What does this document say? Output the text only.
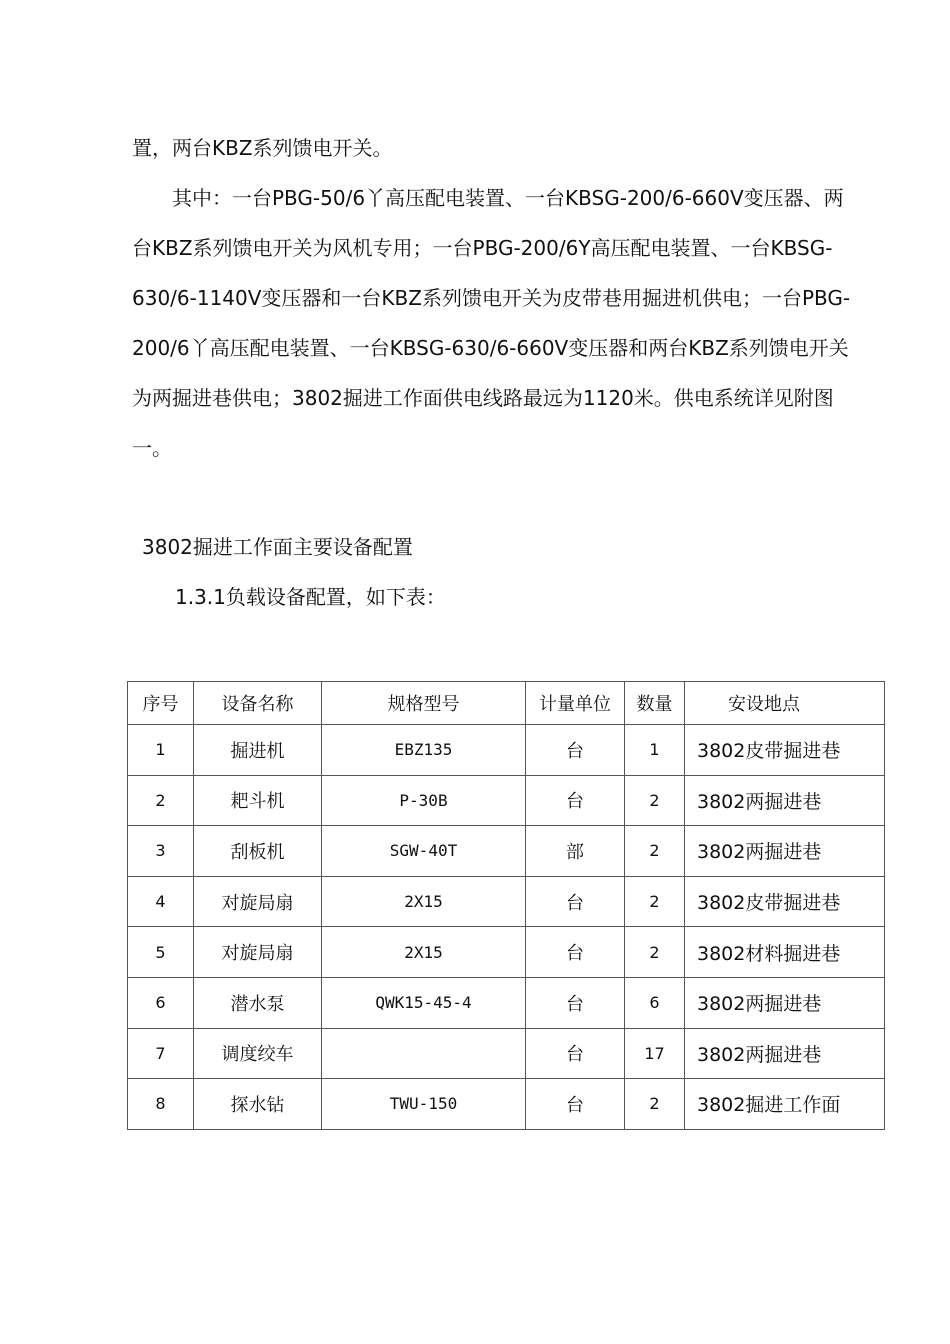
置，两台KBZ系列馈电开关。

　　其中：一台PBG-50/6丫高压配电装置、一台KBSG-200/6-660V变压器、两

台KBZ系列馈电开关为风机专用；一台PBG-200/6Y高压配电装置、一台KBSG-

630/6-1140V变压器和一台KBZ系列馈电开关为皮带巷用掘进机供电；一台PBG-

200/6丫高压配电装置、一台KBSG-630/6-660V变压器和两台KBZ系列馈电开关

为两掘进巷供电；3802掘进工作面供电线路最远为1120米。供电系统详见附图

一。

3802掘进工作面主要设备配置

1.3.1负载设备配置，如下表：

序号	设备名称	规格型号	计量单位	数量	安设地点
1	掘进机	EBZ135	台	1	3802皮带掘进巷
2	耙斗机	P-30B	台	2	3802两掘进巷
3	刮板机	SGW-40T	部	2	3802两掘进巷
4	对旋局扇	2X15	台	2	3802皮带掘进巷
5	对旋局扇	2X15	台	2	3802材料掘进巷
6	潜水泵	QWK15-45-4	台	6	3802两掘进巷
7	调度绞车		台	17	3802两掘进巷
8	探水钻	TWU-150	台	2	3802掘进工作面
